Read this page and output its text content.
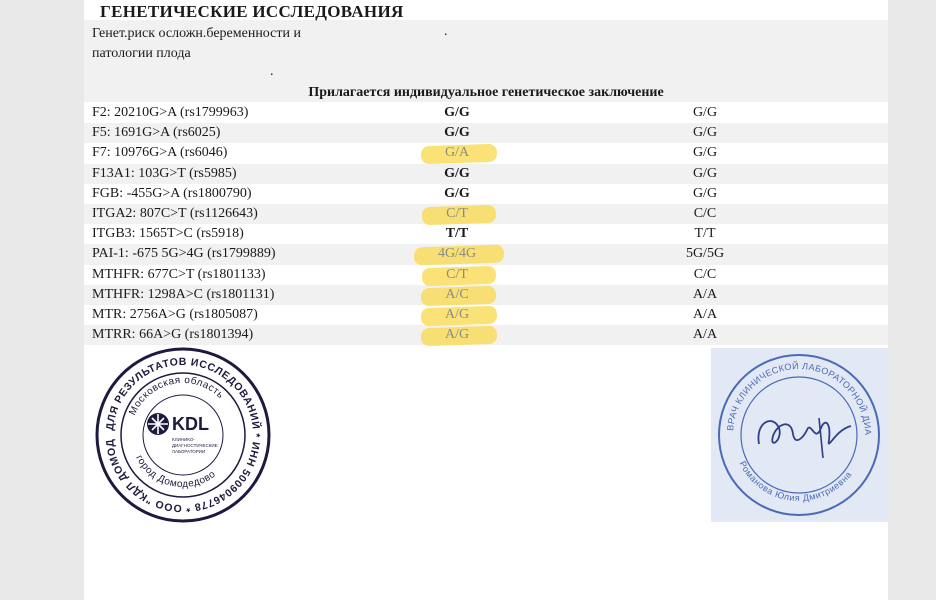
ГЕНЕТИЧЕСКИЕ ИССЛЕДОВАНИЯ
Генет.риск осложн.беременности и
патологии плода
.
.
Прилагается индивидуальное генетическое заключение
F2: 20210G>A (rs1799963)	G/G	G/G
F5: 1691G>A (rs6025)	G/G	G/G
F7: 10976G>A (rs6046)	G/A	G/G
F13A1: 103G>T (rs5985)	G/G	G/G
FGB: -455G>A (rs1800790)	G/G	G/G
ITGA2: 807C>T (rs1126643)	C/T	C/C
ITGB3: 1565T>C (rs5918)	T/T	T/T
PAI-1: -675 5G>4G (rs1799889)	4G/4G	5G/5G
MTHFR: 677C>T (rs1801133)	C/T	C/C
MTHFR: 1298A>C (rs1801131)	A/C	A/A
MTR: 2756A>G (rs1805087)	A/G	A/A
MTRR: 66A>G (rs1801394)	A/G	A/A
ДЛЯ РЕЗУЛЬТАТОВ ИССЛЕДОВАНИЙ * ИНН 5009046778 * ООО "КДЛ ДОМОД
Московская область
город Домодедово
KDL
КЛИНИКО-
ДИАГНОСТИЧЕСКИЕ
ЛАБОРАТОРИИ
ВРАЧ КЛИНИЧЕСКОЙ ЛАБОРАТОРНОЙ ДИА
Романова Юлия Дмитриевна
